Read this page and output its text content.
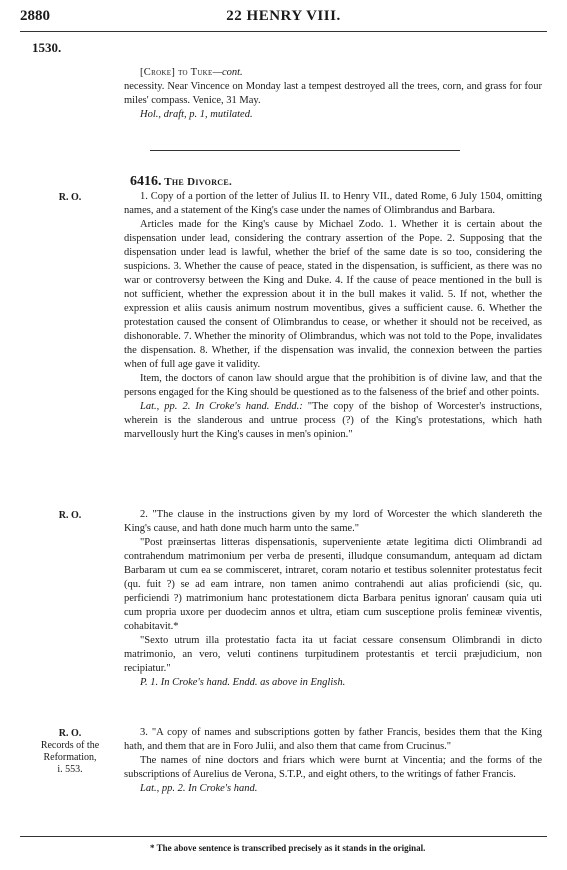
2880	22 HENRY VIII.
1530.

[Croke] to Tuke—cont.

necessity. Near Vincence on Monday last a tempest destroyed all the trees, corn, and grass for four miles' compass. Venice, 31 May.

Hol., draft, p. 1, mutilated.

6416. The Divorce.
R. O.	1. Copy of a portion of the letter of Julius II. to Henry VII., dated Rome, 6 July 1504, omitting names, and a statement of the King's case under the names of Olimbrandus and Barbara.

Articles made for the King's cause by Michael Zodo. 1. Whether it is certain about the dispensation under lead, considering the contrary assertion of the Pope. 2. Supposing that the dispensation under lead is lawful, whether the brief of the same date is so too, considering the suspicions. 3. Whether the cause of peace, stated in the dispensation, is sufficient, as there was no war or controversy between the King and Duke. 4. If the cause of peace mentioned in the bull is not sufficient, whether the expression about it in the bull makes it valid. 5. If not, whether the expression et aliis causis animum nostrum moventibus, gives a sufficient cause. 6. Whether the protestation caused the consent of Olimbrandus to cease, or whether it should not be received, as dishonorable. 7. Whether the minority of Olimbrandus, which was not told to the Pope, invalidates the dispensation. 8. Whether, if the dispensation was invalid, the connexion between the parties when of full age gave it validity.

Item, the doctors of canon law should argue that the prohibition is of divine law, and that the persons engaged for the King should be questioned as to the falseness of the brief and other points.

Lat., pp. 2. In Croke's hand. Endd.: "The copy of the bishop of Worcester's instructions, wherein is the slanderous and untrue process (?) of the King's protestations, which hath marvellously hurt the King's causes in men's opinion."

R. O.	2. "The clause in the instructions given by my lord of Worcester the which slandereth the King's cause, and hath done much harm unto the same."

"Post præinsertas litteras dispensationis, superveniente ætate legitima dicti Olimbrandi ad contrahendum matrimonium per verba de presenti, illudque consumandum, antequam ad dictam Barbaram ut cum ea se commisceret, intraret, coram notario et testibus solenniter protestatus fecit (qu. fuit ?) se ad eam intrare, non tamen animo contrahendi aut alias proficiendi (sic, qu. perficiendi ?) matrimonium hanc protestationem dicta Barbara penitus ignoran' causam quia uti cum propria uxore per duodecim annos et ultra, etiam cum susceptione prolis femineæ viventis, cohabitavit.*

"Sexto utrum illa protestatio facta ita ut faciat cessare consensum Olimbrandi in dicto matrimonio, an vero, veluti continens turpitudinem protestantis et tercii præjudicium, non recipiatur."

P. 1. In Croke's hand. Endd. as above in English.

R. O.
Records of the
Reformation,
i. 553.

3. "A copy of names and subscriptions gotten by father Francis, besides them that the King hath, and them that are in Foro Julii, and also them that came from Crucinus."

The names of nine doctors and friars which were burnt at Vincentia; and the forms of the subscriptions of Aurelius de Verona, S.T.P., and eight others, to the writings of father Francis.

Lat., pp. 2. In Croke's hand.

* The above sentence is transcribed precisely as it stands in the original.
